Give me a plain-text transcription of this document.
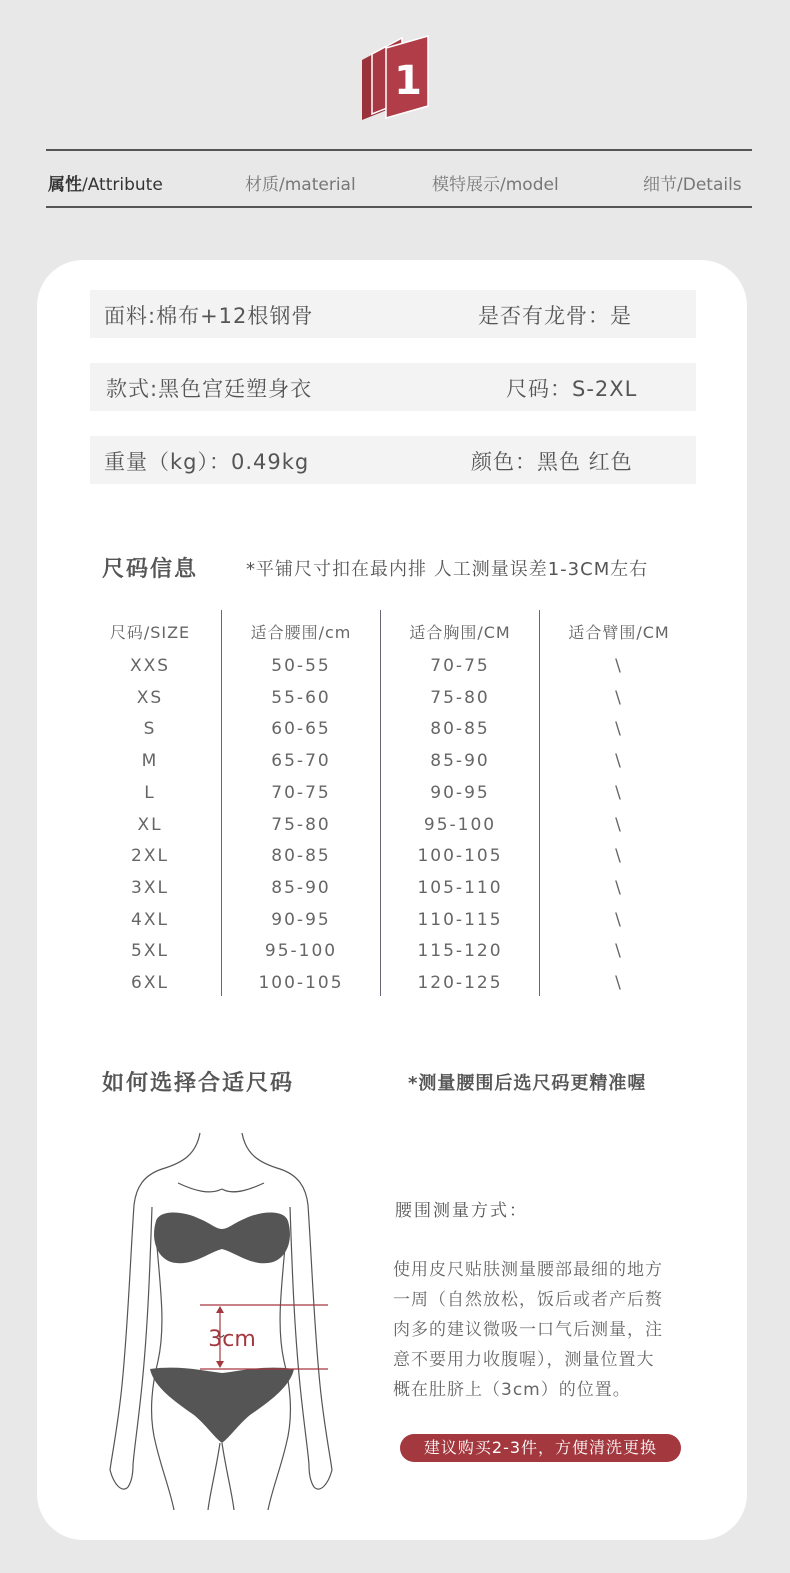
1
属性/Attribute	材质/material	模特展示/model	细节/Details
面料:棉布+12根钢骨	是否有龙骨：是
款式:黑色宫廷塑身衣	尺码：S-2XL
重量（kg）：0.49kg	颜色：黑色 红色
尺码信息	*平铺尺寸扣在最内排 人工测量误差1-3CM左右
尺码/SIZE	适合腰围/cm	适合胸围/CM	适合臂围/CM
XXS	50-55	70-75	\
XS	55-60	75-80	\
S	60-65	80-85	\
M	65-70	85-90	\
L	70-75	90-95	\
XL	75-80	95-100	\
2XL	80-85	100-105	\
3XL	85-90	105-110	\
4XL	90-95	110-115	\
5XL	95-100	115-120	\
6XL	100-105	120-125	\
如何选择合适尺码	*测量腰围后选尺码更精准喔
3cm
腰围测量方式：
使用皮尺贴肤测量腰部最细的地方
一周（自然放松，饭后或者产后赘
肉多的建议微吸一口气后测量，注
意不要用力收腹喔），测量位置大
概在肚脐上（3cm）的位置。
建议购买2-3件，方便清洗更换
